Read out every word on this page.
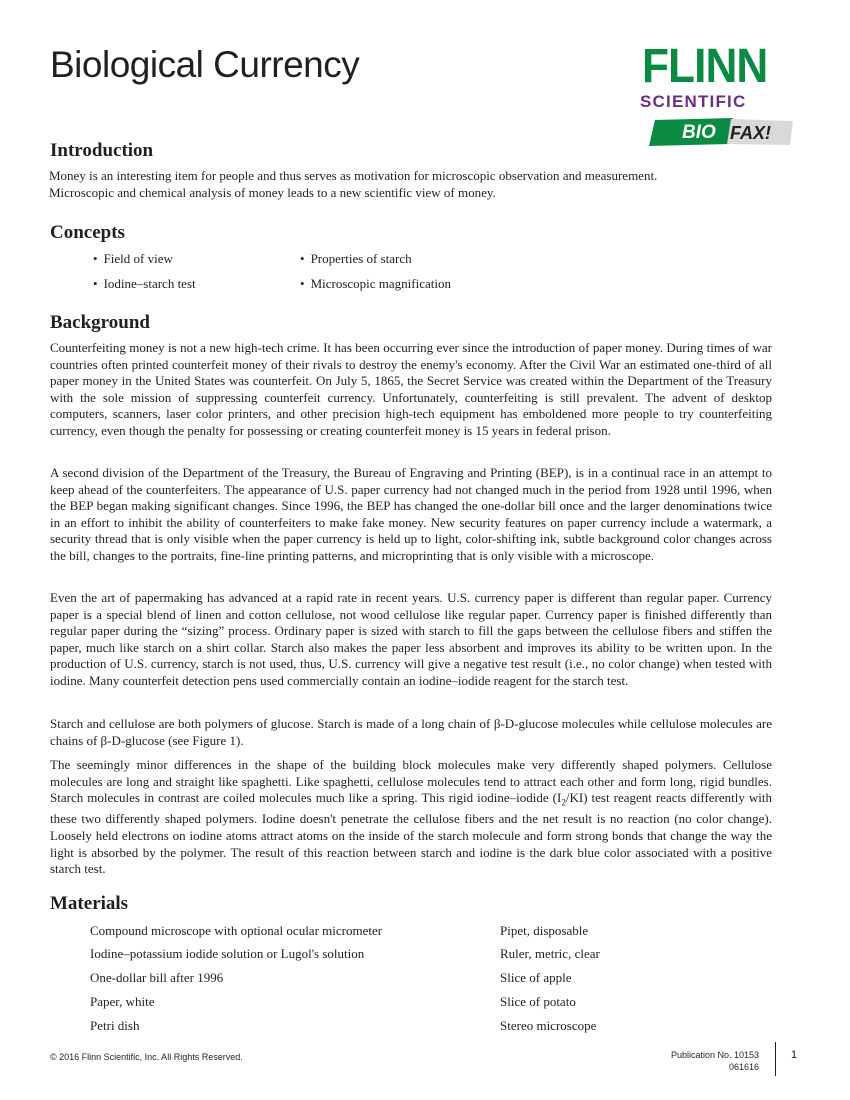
Biological Currency	FLINN
SCIENTIFIC
BIO FAX!
Introduction

Money is an interesting item for people and thus serves as motivation for microscopic observation and measurement. Microscopic and chemical analysis of money leads to a new scientific view of money.

Concepts
• Field of view	• Properties of starch
• Iodine–starch test	• Microscopic magnification
Background

Counterfeiting money is not a new high-tech crime. It has been occurring ever since the introduction of paper money. During times of war countries often printed counterfeit money of their rivals to destroy the enemy's economy. After the Civil War an estimated one-third of all paper money in the United States was counterfeit. On July 5, 1865, the Secret Service was created within the Department of the Treasury with the sole mission of suppressing counterfeit currency. Unfortunately, counterfeiting is still prevalent. The advent of desktop computers, scanners, laser color printers, and other precision high-tech equipment has emboldened more people to try counterfeiting currency, even though the penalty for possessing or creating counterfeit money is 15 years in federal prison.

A second division of the Department of the Treasury, the Bureau of Engraving and Printing (BEP), is in a continual race in an attempt to keep ahead of the counterfeiters. The appearance of U.S. paper currency had not changed much in the period from 1928 until 1996, when the BEP began making significant changes. Since 1996, the BEP has changed the one-dollar bill once and the larger denominations twice in an effort to inhibit the ability of counterfeiters to make fake money. New security features on paper currency include a watermark, a security thread that is only visible when the paper currency is held up to light, color-shifting ink, subtle background color changes across the bill, changes to the portraits, fine-line printing patterns, and microprinting that is only visible with a microscope.

Even the art of papermaking has advanced at a rapid rate in recent years. U.S. currency paper is different than regular paper. Currency paper is a special blend of linen and cotton cellulose, not wood cellulose like regular paper. Currency paper is finished differently than regular paper during the “sizing” process. Ordinary paper is sized with starch to fill the gaps between the cellulose fibers and stiffen the paper, much like starch on a shirt collar. Starch also makes the paper less absorbent and improves its ability to be written upon. In the production of U.S. currency, starch is not used, thus, U.S. currency will give a negative test result (i.e., no color change) when tested with iodine. Many counterfeit detection pens used commercially contain an iodine–iodide reagent for the starch test.

Starch and cellulose are both polymers of glucose. Starch is made of a long chain of β-D-glucose molecules while cellulose molecules are chains of β-D-glucose (see Figure 1).

The seemingly minor differences in the shape of the building block molecules make very differently shaped polymers. Cellulose molecules are long and straight like spaghetti. Like spaghetti, cellulose molecules tend to attract each other and form long, rigid bundles. Starch molecules in contrast are coiled molecules much like a spring. This rigid iodine–iodide $(I_2/KI)$ test reagent reacts differently with these two differently shaped polymers. Iodine doesn't penetrate the cellulose fibers and the net result is no reaction (no color change). Loosely held electrons on iodine atoms attract atoms on the inside of the starch molecule and form strong bonds that change the way the light is absorbed by the polymer. The result of this reaction between starch and iodine is the dark blue color associated with a positive starch test.

Materials
Compound microscope with optional ocular micrometer
Iodine–potassium iodide solution or Lugol's solution
One-dollar bill after 1996
Paper, white
Petri dish
Pipet, disposable
Ruler, metric, clear
Slice of apple
Slice of potato
Stereo microscope
© 2016 Flinn Scientific, Inc. All Rights Reserved.	Publication No. 10153
061616
1
